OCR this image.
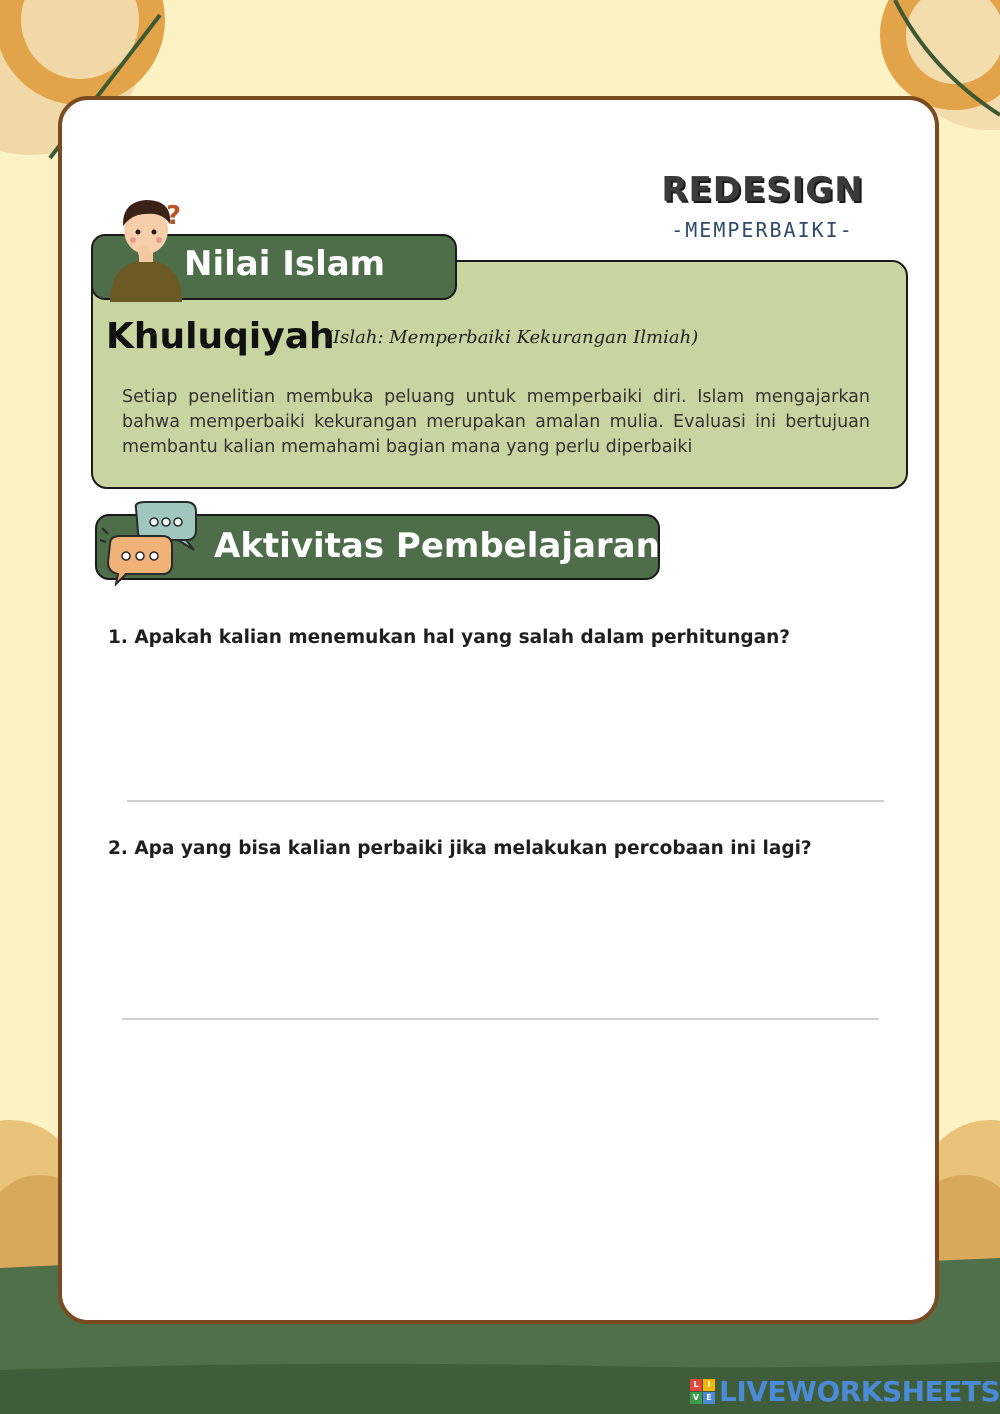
REDESIGN
-MEMPERBAIKI-
?
Nilai Islam
Khuluqiyah
(Islah: Memperbaiki Kekurangan Ilmiah)
Setiap penelitian membuka peluang untuk memperbaiki diri. Islam mengajarkan bahwa memperbaiki kekurangan merupakan amalan mulia. Evaluasi ini bertujuan membantu kalian memahami bagian mana yang perlu diperbaiki
Aktivitas Pembelajaran
1. Apakah kalian menemukan hal yang salah dalam perhitungan?
2. Apa yang bisa kalian perbaiki jika melakukan percobaan ini lagi?
L	I
V E LIVEWORKSHEETS
